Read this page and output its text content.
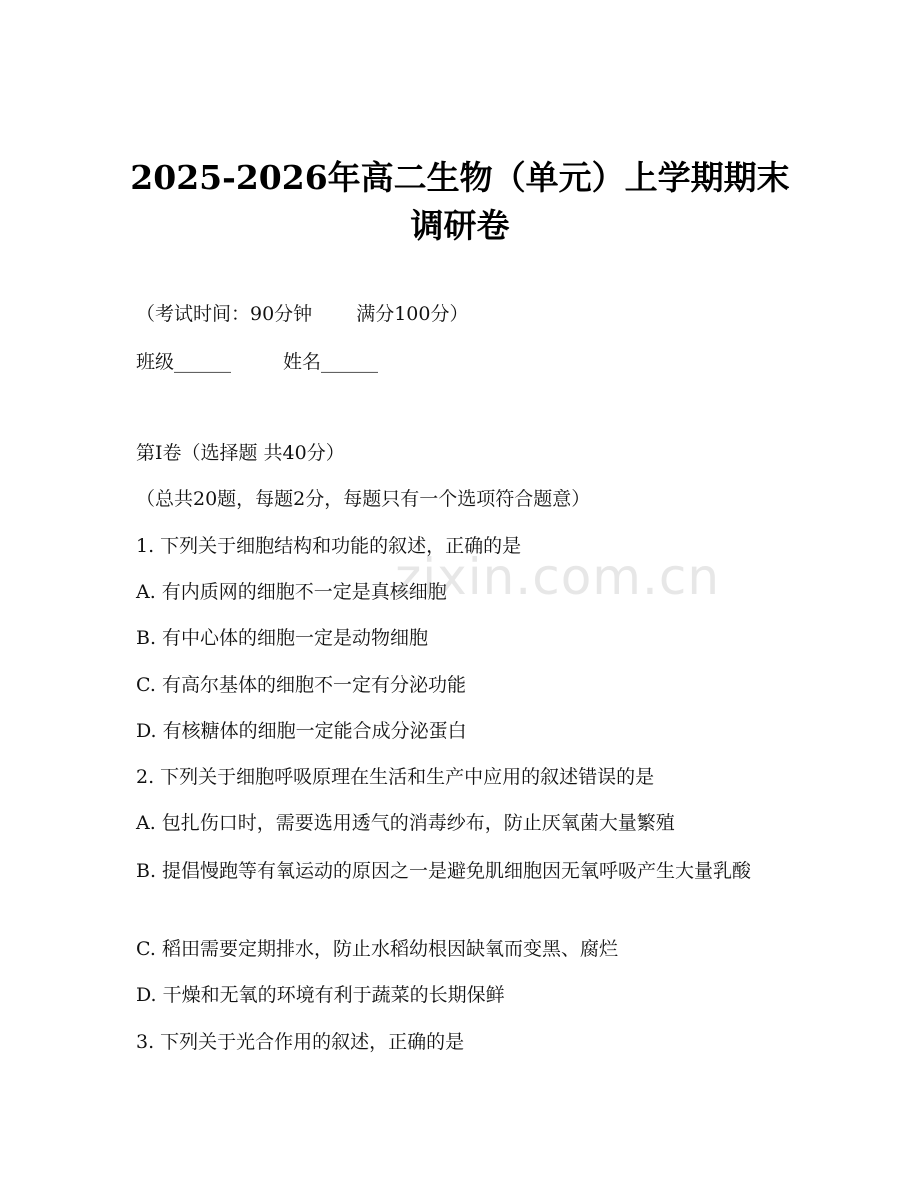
2025-2026年高二生物（单元）上学期期末
调研卷
（考试时间：90分钟 满分100分）
班级______	姓名______
第Ⅰ卷（选择题 共40分）
（总共20题，每题2分，每题只有一个选项符合题意）
1. 下列关于细胞结构和功能的叙述，正确的是
A. 有内质网的细胞不一定是真核细胞
B. 有中心体的细胞一定是动物细胞
C. 有高尔基体的细胞不一定有分泌功能
D. 有核糖体的细胞一定能合成分泌蛋白
2. 下列关于细胞呼吸原理在生活和生产中应用的叙述错误的是
A. 包扎伤口时，需要选用透气的消毒纱布，防止厌氧菌大量繁殖
B. 提倡慢跑等有氧运动的原因之一是避免肌细胞因无氧呼吸产生大量乳酸
C. 稻田需要定期排水，防止水稻幼根因缺氧而变黑、腐烂
D. 干燥和无氧的环境有利于蔬菜的长期保鲜
3. 下列关于光合作用的叙述，正确的是
zixin.com.cn
